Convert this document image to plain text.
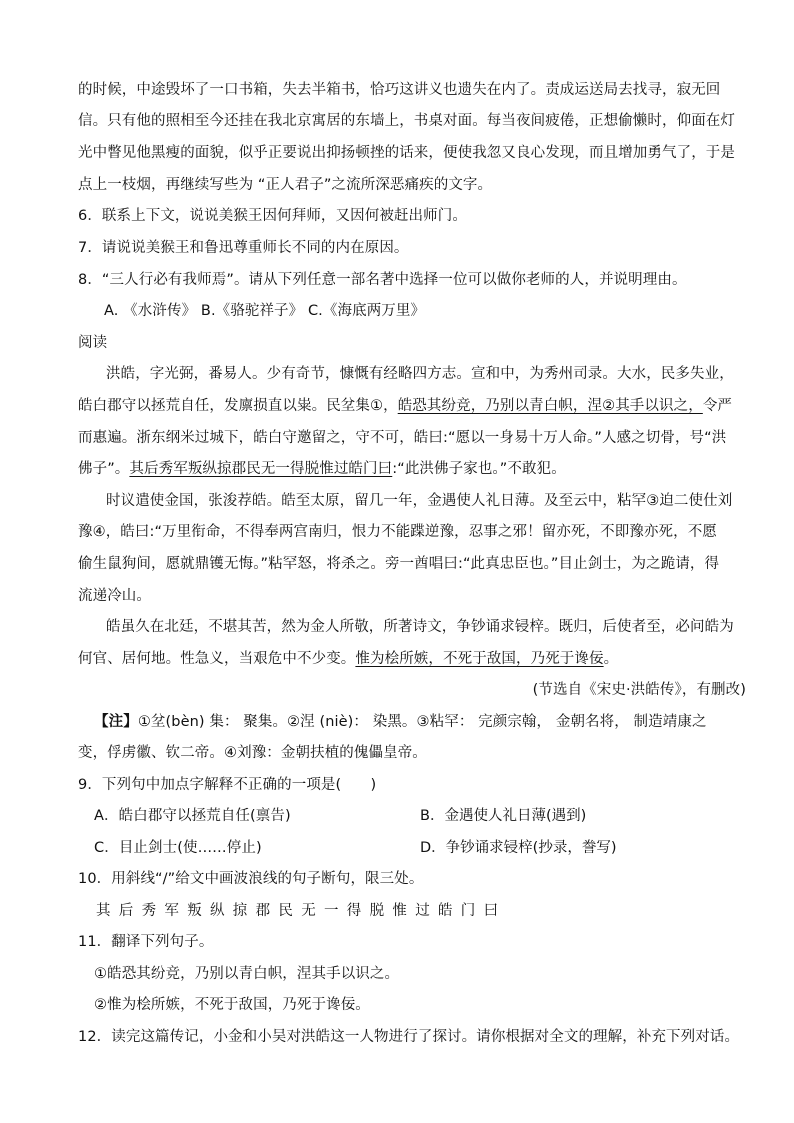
的时候，中途毁坏了一口书箱，失去半箱书，恰巧这讲义也遗失在内了。责成运送局去找寻，寂无回
信。只有他的照相至今还挂在我北京寓居的东墙上，书桌对面。每当夜间疲倦，正想偷懒时，仰面在灯
光中瞥见他黑瘦的面貌，似乎正要说出抑扬顿挫的话来，便使我忽又良心发现，而且增加勇气了，于是
点上一枝烟，再继续写些为 “正人君子”之流所深恶痛疾的文字。
6．联系上下文，说说美猴王因何拜师，又因何被赶出师门。
7．请说说美猴王和鲁迅尊重师长不同的内在原因。
8．“三人行必有我师焉”。请从下列任意一部名著中选择一位可以做你老师的人，并说明理由。
A. 《水浒传》 B.《骆驼祥子》 C.《海底两万里》
阅读
洪皓，字光弼，番易人。少有奇节，慷慨有经略四方志。宣和中，为秀州司录。大水，民多失业，
皓白郡守以拯荒自任，发廪损直以粜。民坌集①，皓恐其纷竞，乃别以青白帜，涅②其手以识之，令严
而惠遍。浙东纲米过城下，皓白守邀留之，守不可，皓曰:“愿以一身易十万人命。”人感之切骨，号“洪
佛子”。其后秀军叛纵掠郡民无一得脱惟过皓门曰:“此洪佛子家也。”不敢犯。
时议遣使金国，张浚荐皓。皓至太原，留几一年，金遇使人礼日薄。及至云中，粘罕③迫二使仕刘
豫④，皓曰:“万里衔命，不得奉两宫南归，恨力不能蹀逆豫，忍事之邪！留亦死，不即豫亦死，不愿
偷生鼠狗间，愿就鼎镬无悔。”粘罕怒，将杀之。旁一酋唱曰:“此真忠臣也。”目止剑士，为之跪请，得
流递冷山。
皓虽久在北廷，不堪其苦，然为金人所敬，所著诗文，争钞诵求锓梓。既归，后使者至，必问皓为
何官、居何地。性急义，当艰危中不少变。惟为桧所嫉，不死于敌国，乃死于谗佞。
(节选自《宋史·洪皓传》，有删改)
【注】①坌(bèn) 集： 聚集。②涅 (niè)： 染黑。③粘罕： 完颜宗翰， 金朝名将， 制造靖康之
变，俘虏徽、钦二帝。④刘豫：金朝扶植的傀儡皇帝。
9．下列句中加点字解释不正确的一项是(　　)
A．皓白郡守以拯荒自任(禀告)	B．金遇使人礼日薄(遇到)
C．目止剑士(使……停止)	D．争钞诵求锓梓(抄录，誊写)
10．用斜线“/”给文中画波浪线的句子断句，限三处。
其后秀军叛纵掠郡民无一得脱惟过皓门曰
11．翻译下列句子。
①皓恐其纷竞，乃别以青白帜，涅其手以识之。
②惟为桧所嫉，不死于敌国，乃死于谗佞。
12．读完这篇传记，小金和小吴对洪皓这一人物进行了探讨。请你根据对全文的理解，补充下列对话。
